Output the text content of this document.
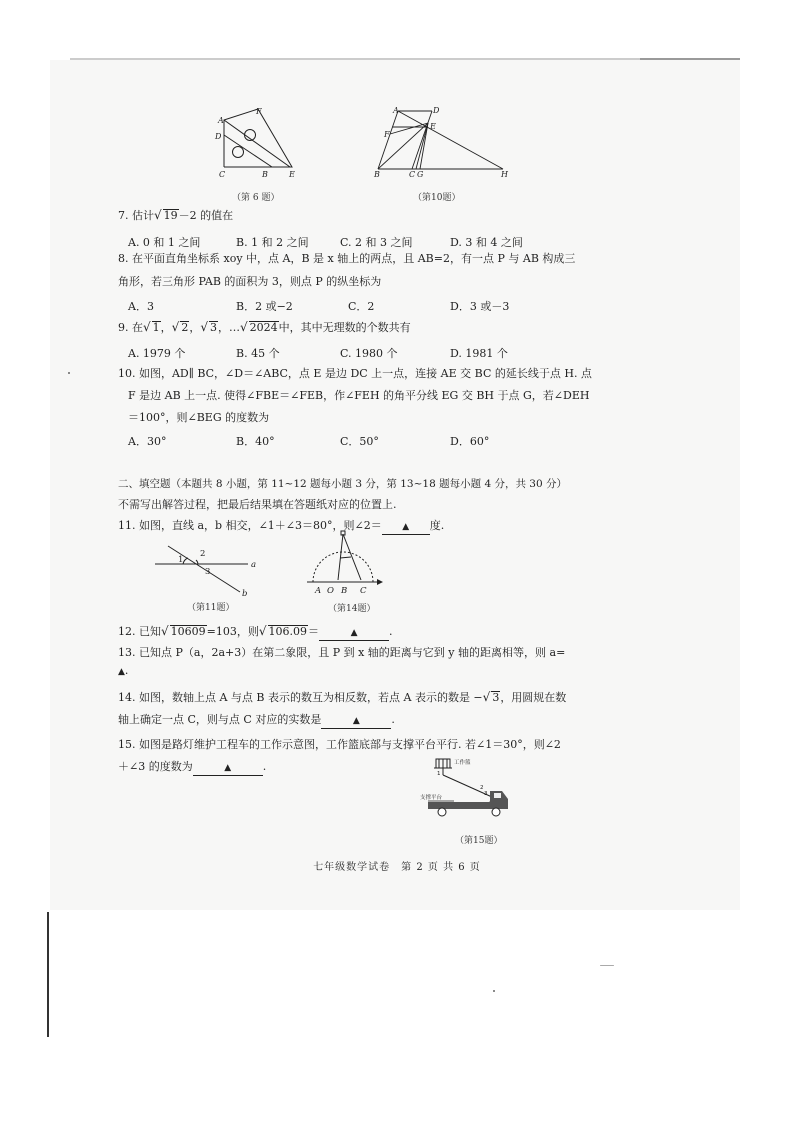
F
A
D
C	B	E
（第 6 题）
A	D
E
F
B	C G	H
（第10题）
7. 估计√ 19－2 的值在
A. 0 和 1 之间	B. 1 和 2 之间	C. 2 和 3 之间	D. 3 和 4 之间
8. 在平面直角坐标系 xoy 中，点 A，B 是 x 轴上的两点，且 AB=2，有一点 P 与 AB 构成三
角形，若三角形 PAB 的面积为 3，则点 P 的纵坐标为
A．3	B．2 或−2	C．2	D．3 或－3
9. 在√ 1，√ 2，√ 3，…√ 2024中，其中无理数的个数共有
A. 1979 个	B. 45 个	C. 1980 个	D. 1981 个
10. 如图，AD∥ BC，∠D＝∠ABC，点 E 是边 DC 上一点，连接 AE 交 BC 的延长线于点 H. 点
F 是边 AB 上一点. 使得∠FBE＝∠FEB，作∠FEH 的角平分线 EG 交 BH 于点 G，若∠DEH
＝100°，则∠BEG 的度数为
A．30°	B．40°	C．50°	D．60°
二、填空题（本题共 8 小题，第 11~12 题每小题 3 分，第 13~18 题每小题 4 分，共 30 分）
不需写出解答过程，把最后结果填在答题纸对应的位置上.
11. 如图，直线 a，b 相交，∠1＋∠3＝80°，则∠2＝ ▲ 度.
1
2
3
a
b
（第11题）
A O B C
（第14题）
12. 已知√ 10609=103，则√ 106.09＝	▲	.
13. 已知点 P（a，2a+3）在第二象限，且 P 到 x 轴的距离与它到 y 轴的距离相等，则 a=
▲.
14. 如图，数轴上点 A 与点 B 表示的数互为相反数，若点 A 表示的数是 −√ 3，用圆规在数
轴上确定一点 C，则与点 C 对应的实数是	▲	.
15. 如图是路灯维护工程车的工作示意图，工作篮底部与支撑平台平行. 若∠1＝30°，则∠2
＋∠3 的度数为	▲	.	工作篮
支撑平台
1
2
3
（第15题）
七年级数学试卷　第 2 页 共 6 页
